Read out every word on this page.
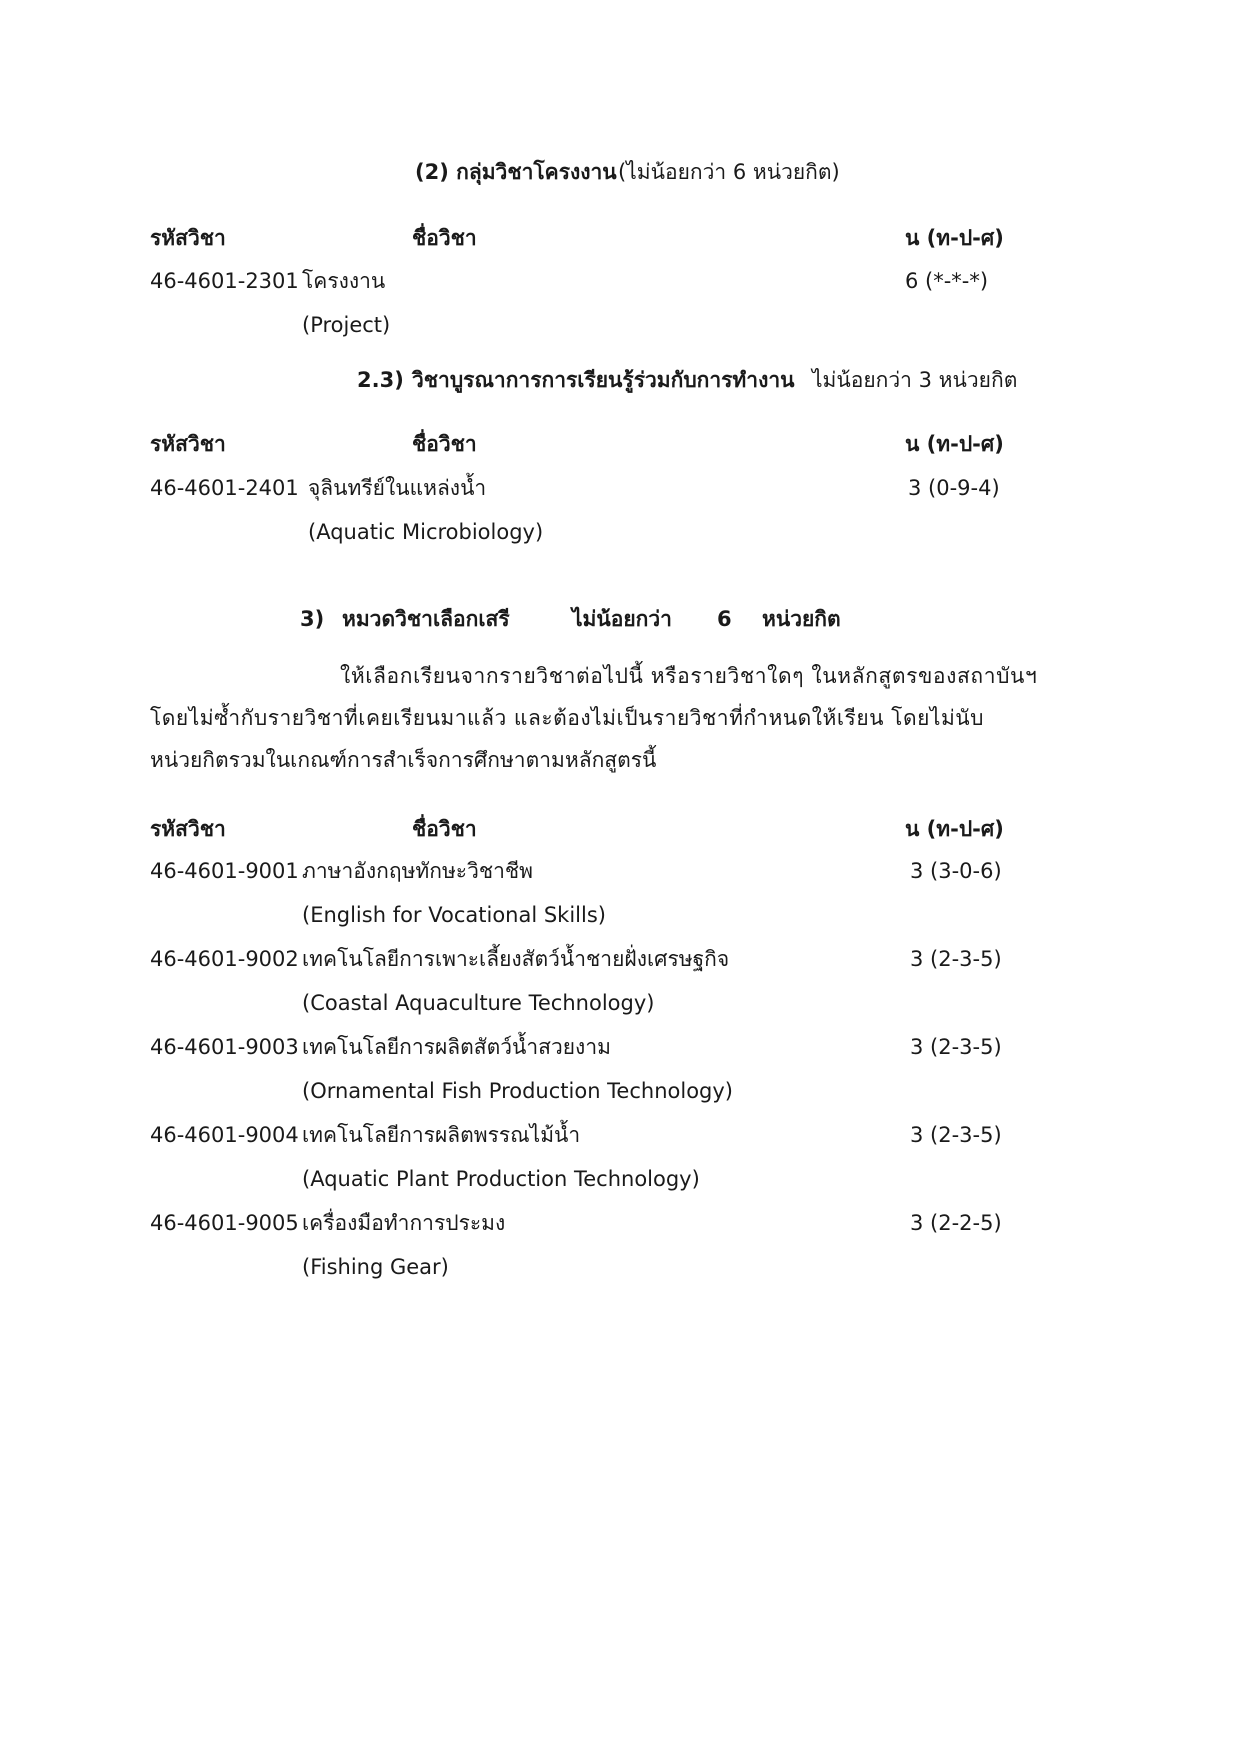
(2) กลุ่มวิชาโครงงาน (ไม่น้อยกว่า 6 หน่วยกิต)
รหัสวิชา	ชื่อวิชา	น (ท-ป-ศ)
46-4601-2301 โครงงาน	6 (*-*-*)
(Project)
2.3) วิชาบูรณาการการเรียนรู้ร่วมกับการทำงาน ไม่น้อยกว่า 3 หน่วยกิต
รหัสวิชา	ชื่อวิชา	น (ท-ป-ศ)
46-4601-2401 จุลินทรีย์ในแหล่งน้ำ	3 (0-9-4)
(Aquatic Microbiology)
3) หมวดวิชาเลือกเสรี	ไม่น้อยกว่า 6 หน่วยกิต
ให้เลือกเรียนจากรายวิชาต่อไปนี้ หรือรายวิชาใดๆ ในหลักสูตรของสถาบันฯ
โดยไม่ซ้ำกับรายวิชาที่เคยเรียนมาแล้ว และต้องไม่เป็นรายวิชาที่กำหนดให้เรียน โดยไม่นับ
หน่วยกิตรวมในเกณฑ์การสำเร็จการศึกษาตามหลักสูตรนี้
รหัสวิชา	ชื่อวิชา	น (ท-ป-ศ)
46-4601-9001 ภาษาอังกฤษทักษะวิชาชีพ	3 (3-0-6)
(English for Vocational Skills)
46-4601-9002 เทคโนโลยีการเพาะเลี้ยงสัตว์น้ำชายฝั่งเศรษฐกิจ	3 (2-3-5)
(Coastal Aquaculture Technology)
46-4601-9003 เทคโนโลยีการผลิตสัตว์น้ำสวยงาม	3 (2-3-5)
(Ornamental Fish Production Technology)
46-4601-9004 เทคโนโลยีการผลิตพรรณไม้น้ำ	3 (2-3-5)
(Aquatic Plant Production Technology)
46-4601-9005 เครื่องมือทำการประมง	3 (2-2-5)
(Fishing Gear)
